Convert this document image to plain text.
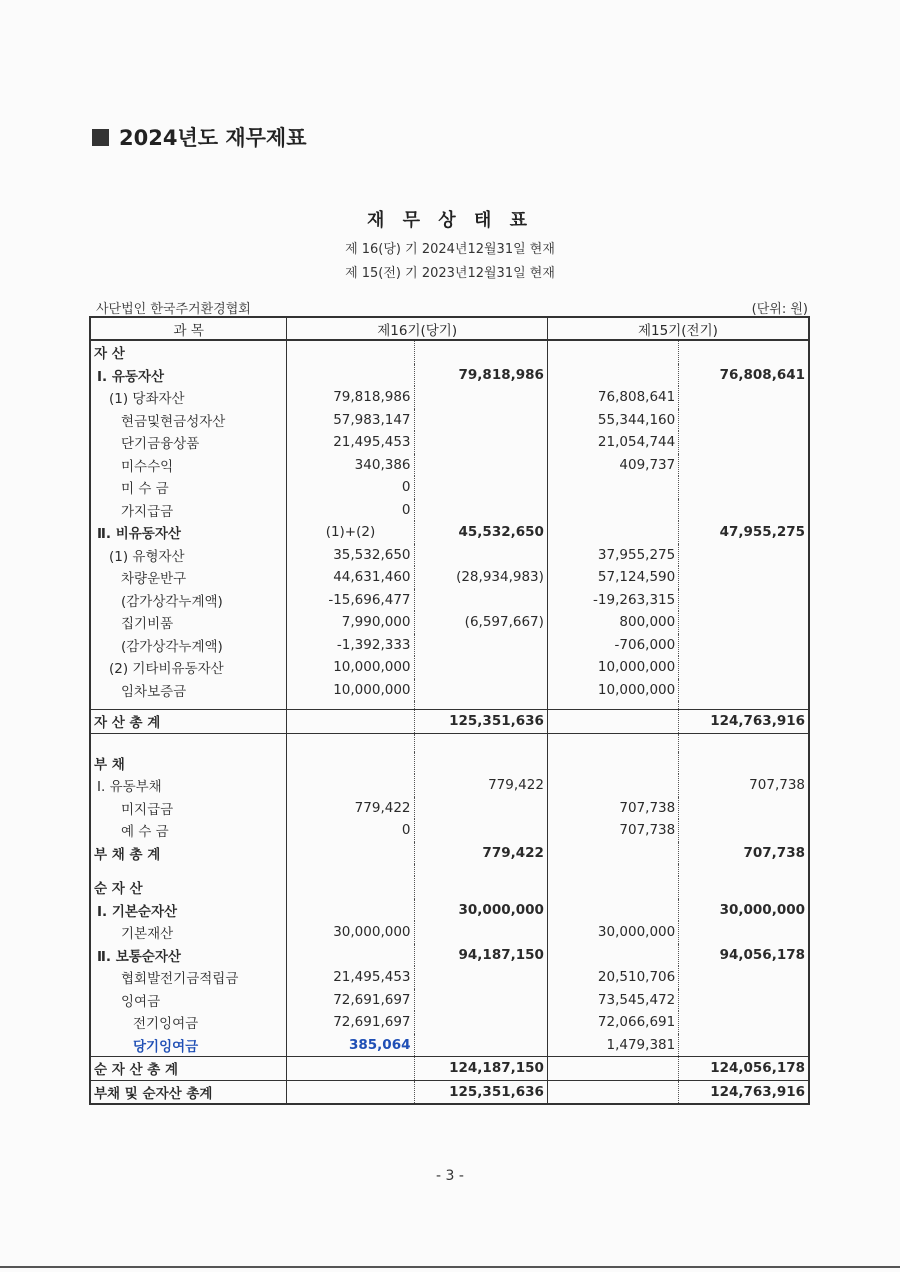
2024년도 재무제표
재 무 상 태 표
제 16(당) 기 2024년12월31일 현재
제 15(전) 기 2023년12월31일 현재
사단법인 한국주거환경협회	(단위: 원)
과 목	제16기(당기)		제15기(전기)	
자 산				
Ⅰ. 유동자산		79,818,986		76,808,641
(1) 당좌자산	79,818,986		76,808,641	
현금및현금성자산	57,983,147		55,344,160	
단기금융상품	21,495,453		21,054,744	
미수수익	340,386		409,737	
미 수 금	0			
가지급금	0			
Ⅱ. 비유동자산	(1)+(2)	45,532,650		47,955,275
(1) 유형자산	35,532,650		37,955,275	
차량운반구	44,631,460	(28,934,983)	57,124,590	
(감가상각누계액)	-15,696,477		-19,263,315	
집기비품	7,990,000	(6,597,667)	800,000	
(감가상각누계액)	-1,392,333		-706,000	
(2) 기타비유동자산	10,000,000		10,000,000	
임차보증금	10,000,000		10,000,000	

자 산 총 계		125,351,636		124,763,916

부 채				
Ⅰ. 유동부채		779,422		707,738
미지급금	779,422		707,738	
예 수 금	0		707,738	
부 채 총 계		779,422		707,738

순 자 산				
Ⅰ. 기본순자산		30,000,000		30,000,000
기본재산	30,000,000		30,000,000	
Ⅱ. 보통순자산		94,187,150		94,056,178
협회발전기금적립금	21,495,453		20,510,706	
잉여금	72,691,697		73,545,472	
전기잉여금	72,691,697		72,066,691	
당기잉여금	385,064		1,479,381	
순 자 산 총 계		124,187,150		124,056,178
부채 및 순자산 총계		125,351,636		124,763,916
- 3 -
